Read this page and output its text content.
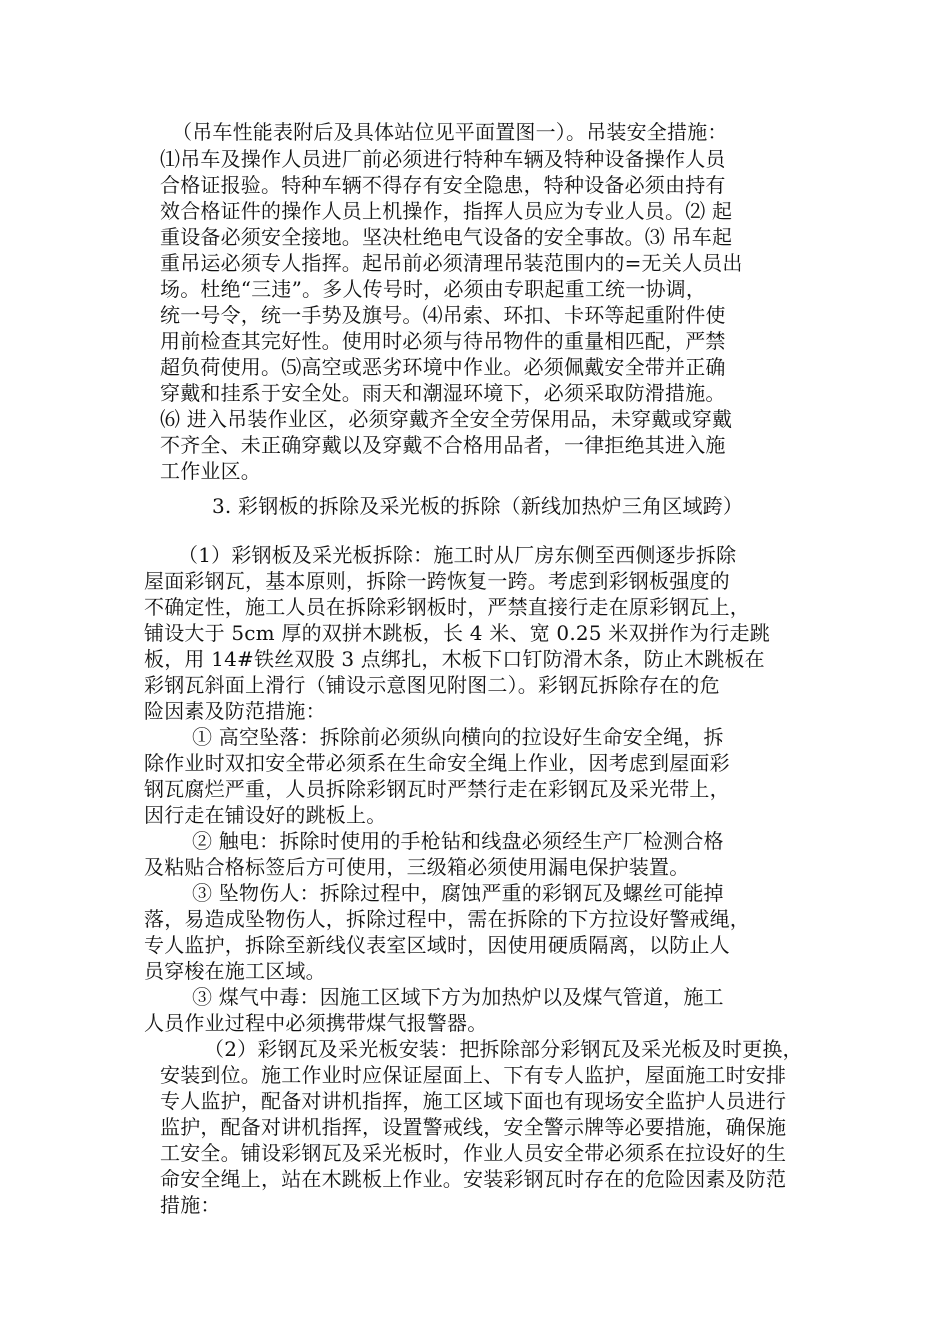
（吊车性能表附后及具体站位见平面置图一）。吊装安全措施：
⑴吊车及操作人员进厂前必须进行特种车辆及特种设备操作人员
合格证报验。特种车辆不得存有安全隐患，特种设备必须由持有
效合格证件的操作人员上机操作，指挥人员应为专业人员。⑵ 起
重设备必须安全接地。坚决杜绝电气设备的安全事故。⑶ 吊车起
重吊运必须专人指挥。起吊前必须清理吊装范围内的=无关人员出
场。杜绝“三违”。多人传号时，必须由专职起重工统一协调，
统一号令，统一手势及旗号。⑷吊索、环扣、卡环等起重附件使
用前检查其完好性。使用时必须与待吊物件的重量相匹配，严禁
超负荷使用。⑸高空或恶劣环境中作业。必须佩戴安全带并正确
穿戴和挂系于安全处。雨天和潮湿环境下，必须采取防滑措施。
⑹ 进入吊装作业区，必须穿戴齐全安全劳保用品，未穿戴或穿戴
不齐全、未正确穿戴以及穿戴不合格用品者，一律拒绝其进入施
工作业区。
3. 彩钢板的拆除及采光板的拆除（新线加热炉三角区域跨）
（1）彩钢板及采光板拆除：施工时从厂房东侧至西侧逐步拆除
屋面彩钢瓦，基本原则，拆除一跨恢复一跨。考虑到彩钢板强度的
不确定性，施工人员在拆除彩钢板时，严禁直接行走在原彩钢瓦上，
铺设大于 5cm 厚的双拼木跳板，长 4 米、宽 0.25 米双拼作为行走跳
板，用 14#铁丝双股 3 点绑扎，木板下口钉防滑木条，防止木跳板在
彩钢瓦斜面上滑行（铺设示意图见附图二）。彩钢瓦拆除存在的危
险因素及防范措施：
① 高空坠落：拆除前必须纵向横向的拉设好生命安全绳，拆
除作业时双扣安全带必须系在生命安全绳上作业，因考虑到屋面彩
钢瓦腐烂严重，人员拆除彩钢瓦时严禁行走在彩钢瓦及采光带上，
因行走在铺设好的跳板上。
② 触电：拆除时使用的手枪钻和线盘必须经生产厂检测合格
及粘贴合格标签后方可使用，三级箱必须使用漏电保护装置。
③ 坠物伤人：拆除过程中，腐蚀严重的彩钢瓦及螺丝可能掉
落，易造成坠物伤人，拆除过程中，需在拆除的下方拉设好警戒绳，
专人监护，拆除至新线仪表室区域时，因使用硬质隔离，以防止人
员穿梭在施工区域。
③ 煤气中毒：因施工区域下方为加热炉以及煤气管道，施工
人员作业过程中必须携带煤气报警器。
（2）彩钢瓦及采光板安装：把拆除部分彩钢瓦及采光板及时更换，
安装到位。施工作业时应保证屋面上、下有专人监护，屋面施工时安排
专人监护，配备对讲机指挥，施工区域下面也有现场安全监护人员进行
监护，配备对讲机指挥，设置警戒线，安全警示牌等必要措施，确保施
工安全。铺设彩钢瓦及采光板时，作业人员安全带必须系在拉设好的生
命安全绳上，站在木跳板上作业。安装彩钢瓦时存在的危险因素及防范
措施：
